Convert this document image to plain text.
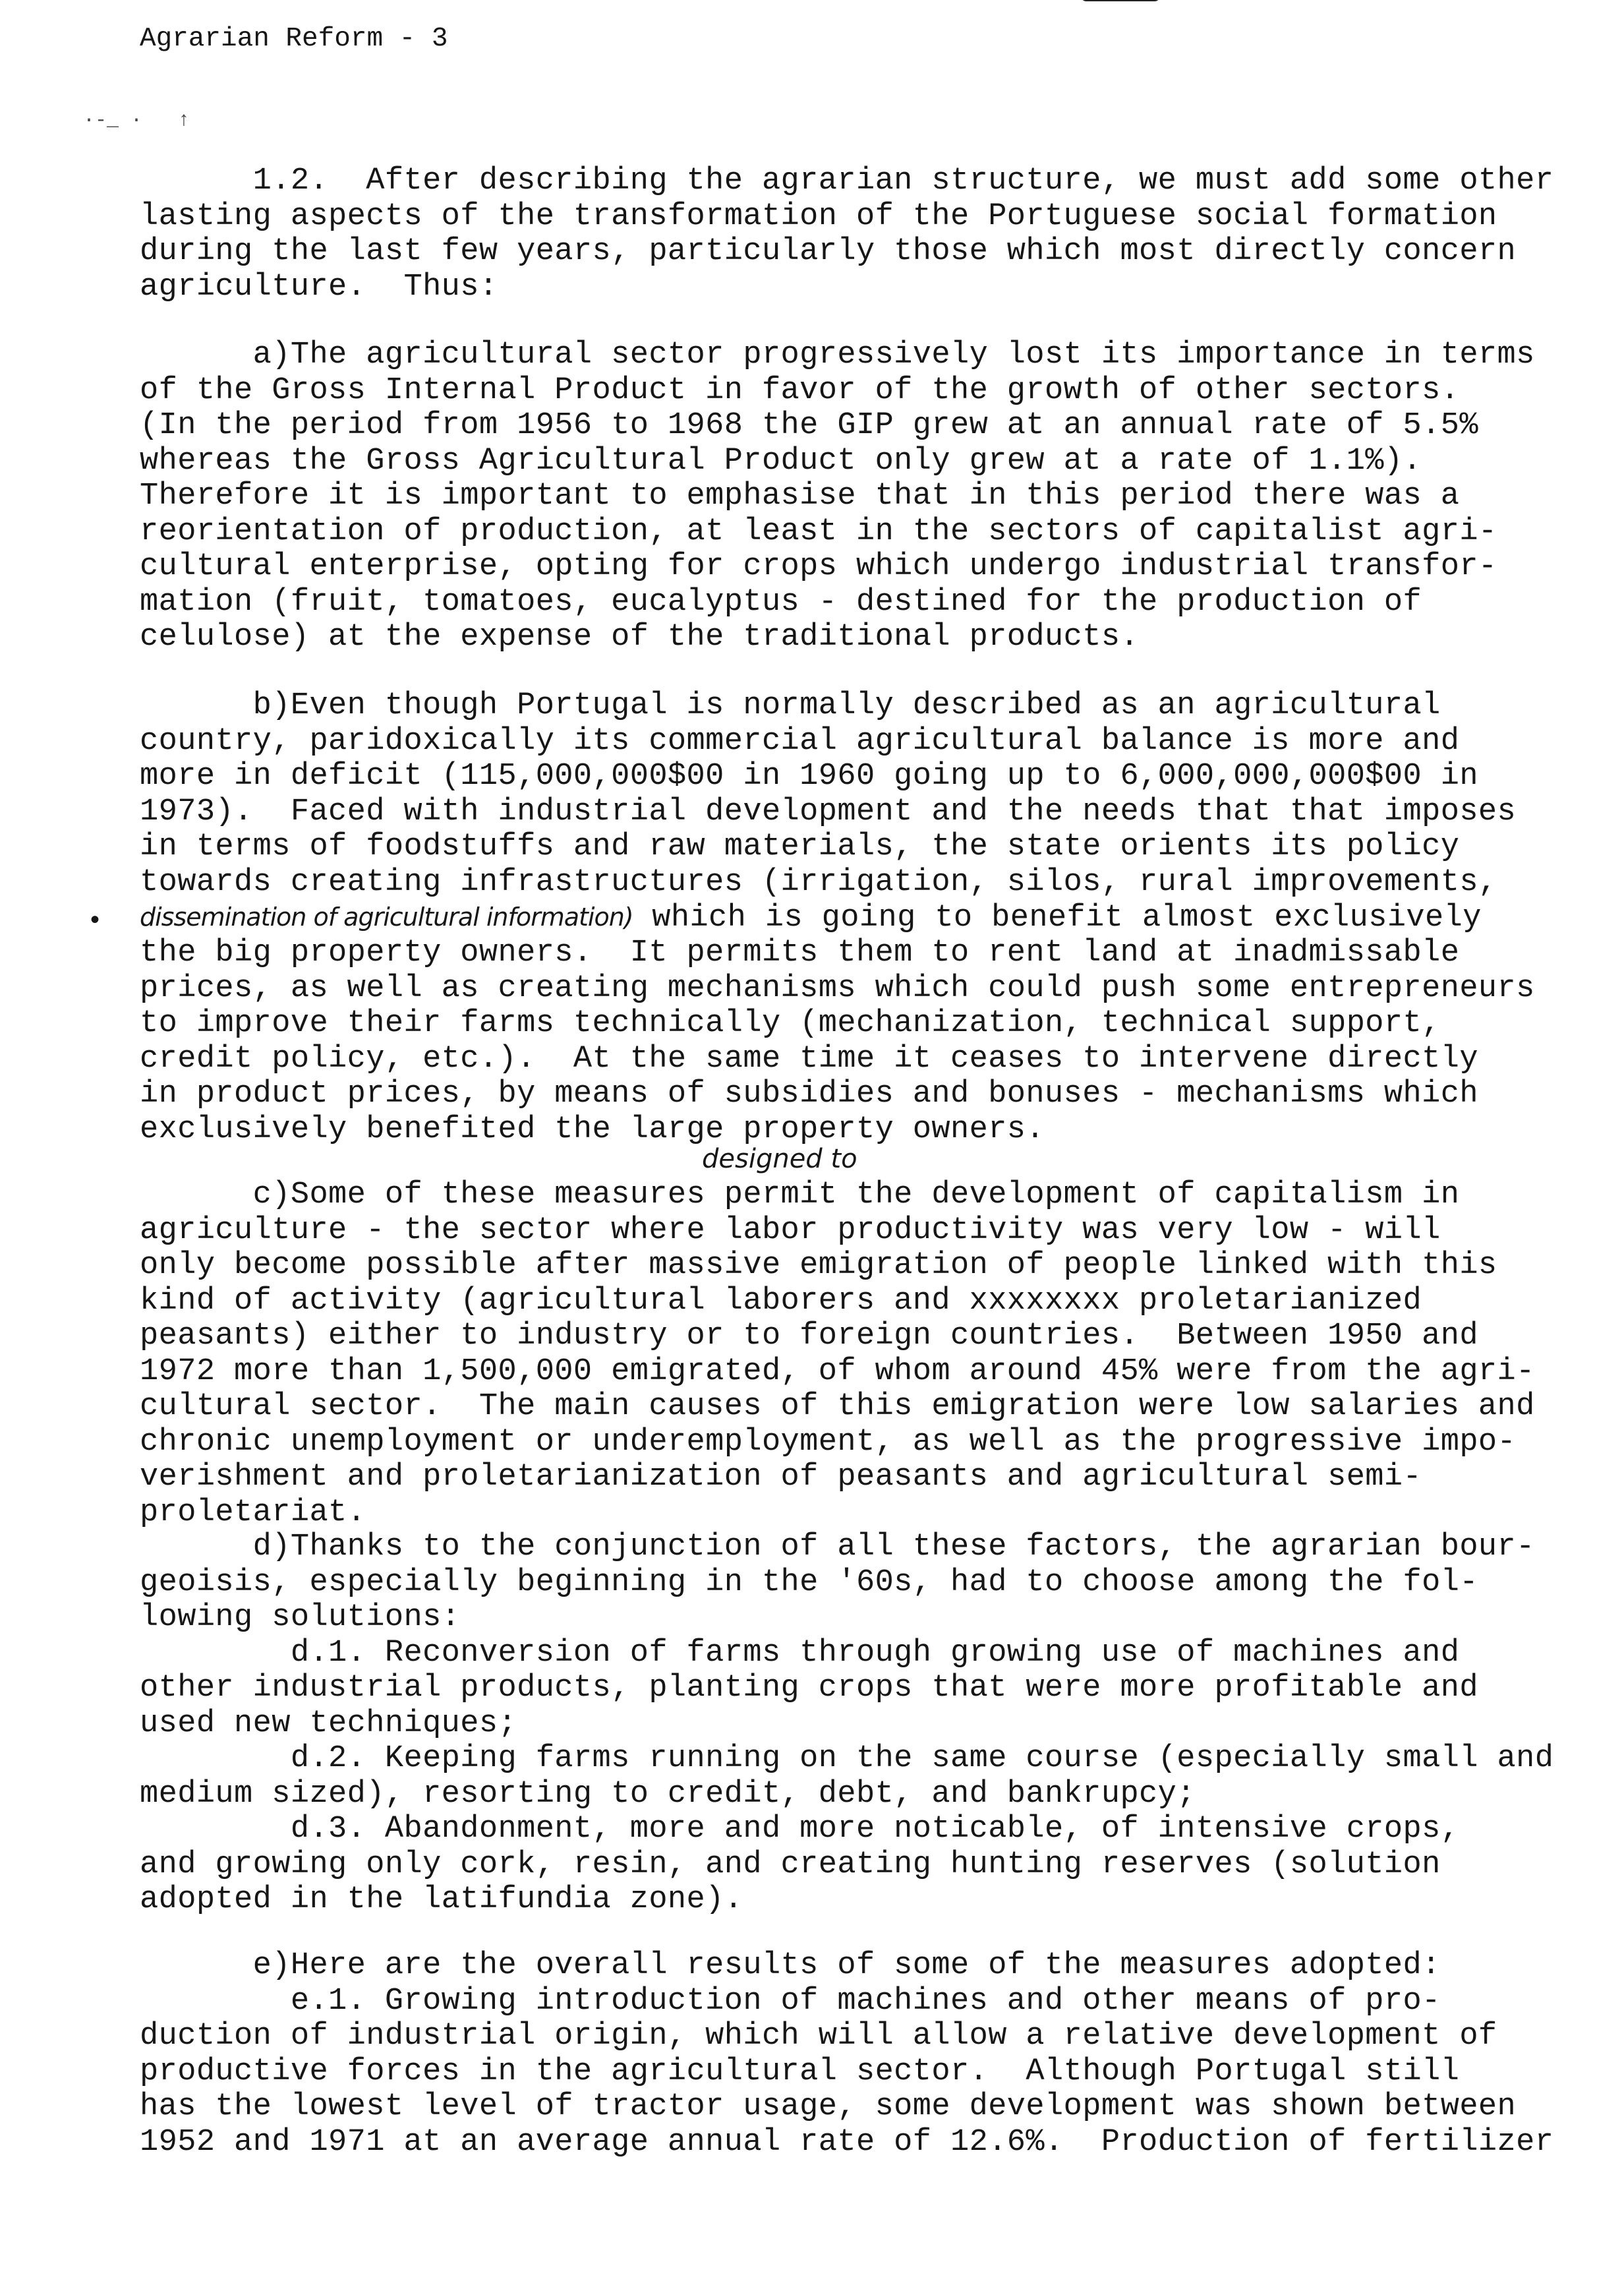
Agrarian Reform - 3
·-_ ·   ↑
•
1.2.  After describing the agrarian structure, we must add some other
lasting aspects of the transformation of the Portuguese social formation
during the last few years, particularly those which most directly concern
agriculture.  Thus:
a)The agricultural sector progressively lost its importance in terms
of the Gross Internal Product in favor of the growth of other sectors.
(In the period from 1956 to 1968 the GIP grew at an annual rate of 5.5%
whereas the Gross Agricultural Product only grew at a rate of 1.1%).
Therefore it is important to emphasise that in this period there was a
reorientation of production, at least in the sectors of capitalist agri-
cultural enterprise, opting for crops which undergo industrial transfor-
mation (fruit, tomatoes, eucalyptus - destined for the production of
celulose) at the expense of the traditional products.
b)Even though Portugal is normally described as an agricultural
country, paridoxically its commercial agricultural balance is more and
more in deficit (115,000,000$00 in 1960 going up to 6,000,000,000$00 in
1973).  Faced with industrial development and the needs that that imposes
in terms of foodstuffs and raw materials, the state orients its policy
towards creating infrastructures (irrigation, silos, rural improvements,
dissemination of agricultural information) which is going to benefit almost exclusively
the big property owners.  It permits them to rent land at inadmissable
prices, as well as creating mechanisms which could push some entrepreneurs
to improve their farms technically (mechanization, technical support,
credit policy, etc.).  At the same time it ceases to intervene directly
in product prices, by means of subsidies and bonuses - mechanisms which
exclusively benefited the large property owners.
designed to
c)Some of these measures permit the development of capitalism in
agriculture - the sector where labor productivity was very low - will
only become possible after massive emigration of people linked with this
kind of activity (agricultural laborers and xxxxxxxx proletarianized
peasants) either to industry or to foreign countries.  Between 1950 and
1972 more than 1,500,000 emigrated, of whom around 45% were from the agri-
cultural sector.  The main causes of this emigration were low salaries and
chronic unemployment or underemployment, as well as the progressive impo-
verishment and proletarianization of peasants and agricultural semi-
proletariat.
d)Thanks to the conjunction of all these factors, the agrarian bour-
geoisis, especially beginning in the '60s, had to choose among the fol-
lowing solutions:
d.1. Reconversion of farms through growing use of machines and
other industrial products, planting crops that were more profitable and
used new techniques;
d.2. Keeping farms running on the same course (especially small and
medium sized), resorting to credit, debt, and bankrupcy;
d.3. Abandonment, more and more noticable, of intensive crops,
and growing only cork, resin, and creating hunting reserves (solution
adopted in the latifundia zone).
e)Here are the overall results of some of the measures adopted:
e.1. Growing introduction of machines and other means of pro-
duction of industrial origin, which will allow a relative development of
productive forces in the agricultural sector.  Although Portugal still
has the lowest level of tractor usage, some development was shown between
1952 and 1971 at an average annual rate of 12.6%.  Production of fertilizer
